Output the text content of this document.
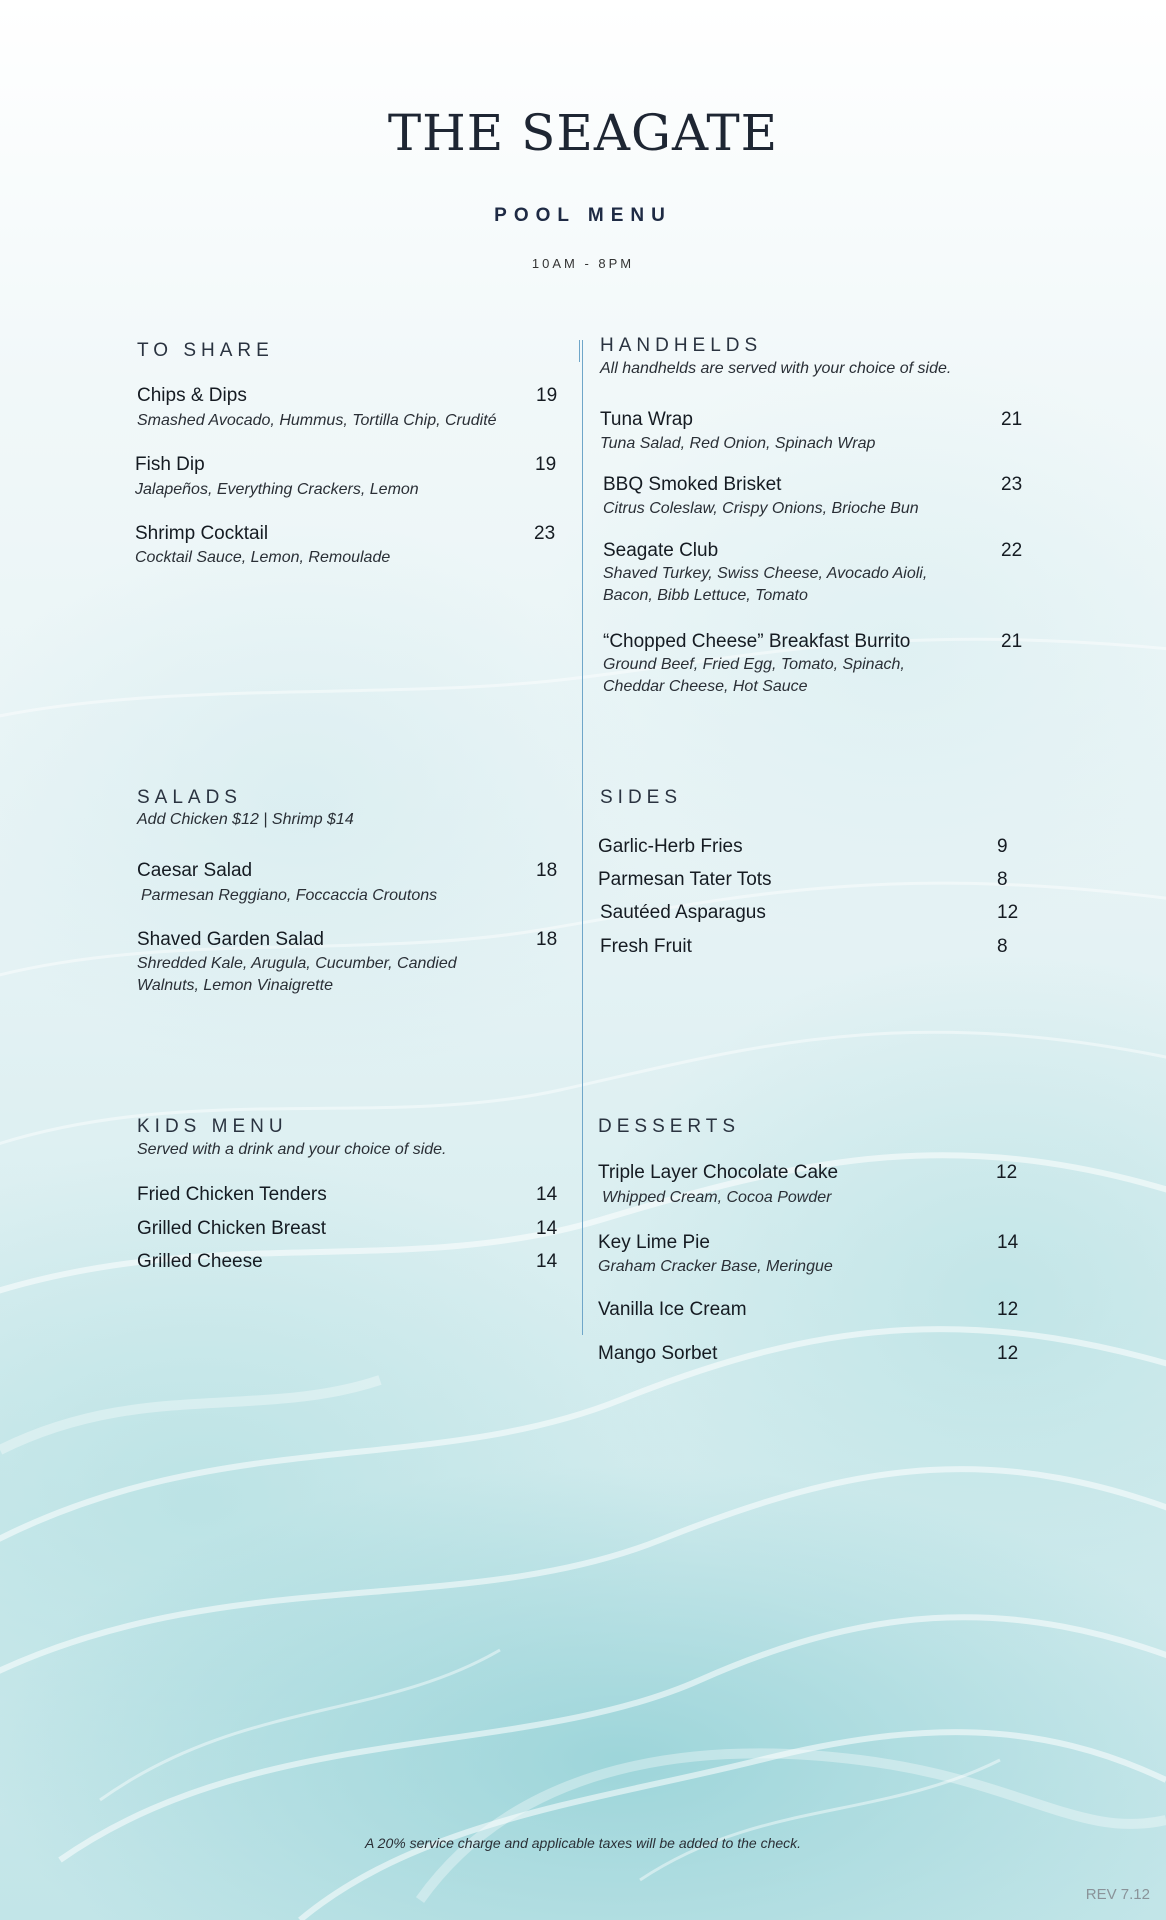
THE SEAGATE
POOL MENU
10AM - 8PM
TO SHARE
Chips & Dips	19
Smashed Avocado, Hummus, Tortilla Chip, Crudité
Fish Dip	19
Jalapeños, Everything Crackers, Lemon
Shrimp Cocktail	23
Cocktail Sauce, Lemon, Remoulade
HANDHELDS
All handhelds are served with your choice of side.
Tuna Wrap	21
Tuna Salad, Red Onion, Spinach Wrap
BBQ Smoked Brisket	23
Citrus Coleslaw, Crispy Onions, Brioche Bun
Seagate Club	22
Shaved Turkey, Swiss Cheese, Avocado Aioli, Bacon, Bibb Lettuce, Tomato
“Chopped Cheese” Breakfast Burrito	21
Ground Beef, Fried Egg, Tomato, Spinach, Cheddar Cheese, Hot Sauce
SALADS
Add Chicken $12 | Shrimp $14
Caesar Salad	18
Parmesan Reggiano, Foccaccia Croutons
Shaved Garden Salad	18
Shredded Kale, Arugula, Cucumber, Candied Walnuts, Lemon Vinaigrette
SIDES
Garlic-Herb Fries	9
Parmesan Tater Tots	8
Sautéed Asparagus	12
Fresh Fruit	8
KIDS MENU
Served with a drink and your choice of side.
Fried Chicken Tenders	14
Grilled Chicken Breast	14
Grilled Cheese	14
DESSERTS
Triple Layer Chocolate Cake	12
Whipped Cream, Cocoa Powder
Key Lime Pie	14
Graham Cracker Base, Meringue
Vanilla Ice Cream	12
Mango Sorbet	12
A 20% service charge and applicable taxes will be added to the check.
REV 7.12
